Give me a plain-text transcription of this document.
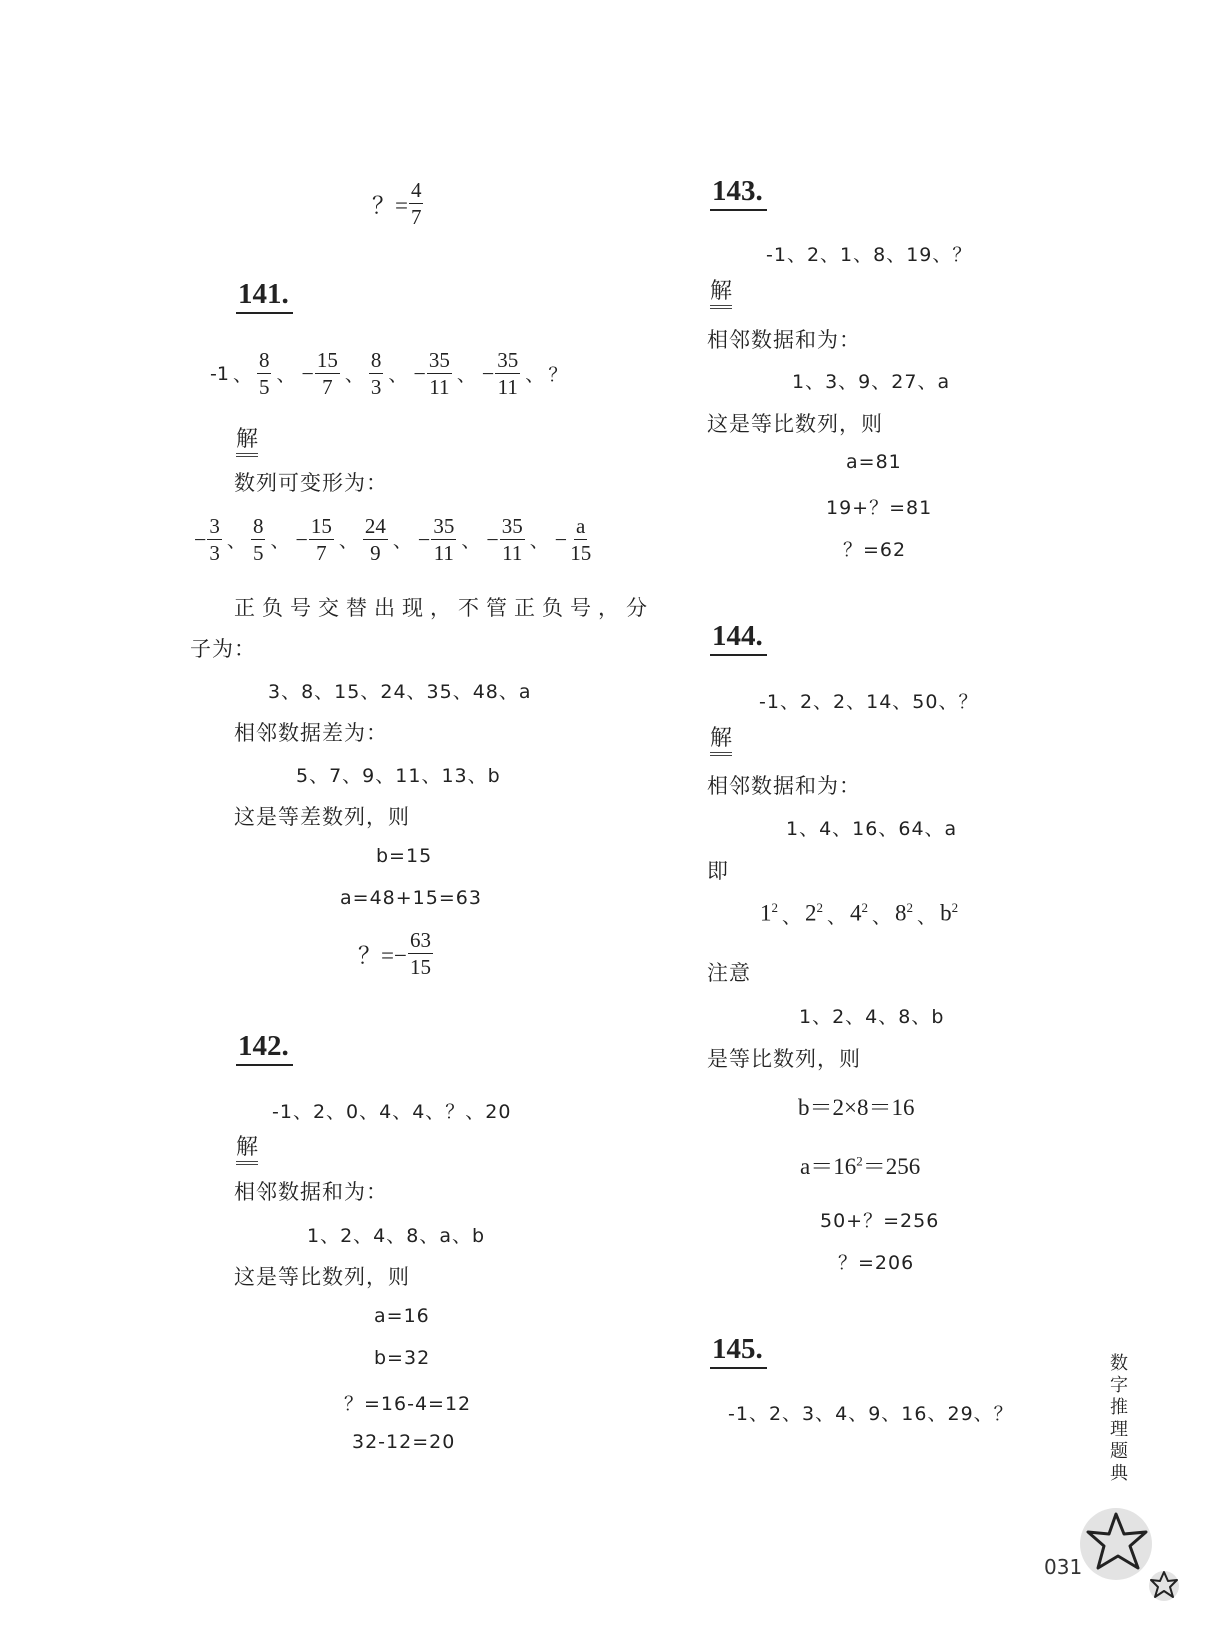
？= $\frac{4}{7}$
141.
-1 、 $\frac{8}{5}$ 、 − $\frac{15}{7}$ 、 $\frac{8}{3}$ 、 − $\frac{35}{11}$ 、 − $\frac{35}{11}$ 、 ？
解
数列可变形为：
− $\frac{3}{3}$ 、 $\frac{8}{5}$ 、 − $\frac{15}{7}$ 、 $\frac{24}{9}$ 、 − $\frac{35}{11}$ 、 − $\frac{35}{11}$ 、 − $\frac{a}{15}$
正负号交替出现，不管正负号，分
子为：
3、8、15、24、35、48、a
相邻数据差为：
5、7、9、11、13、b
这是等差数列，则
b=15
a=48+15=63
？=− $\frac{63}{15}$
142.
-1、2、0、4、4、？、20
解
相邻数据和为：
1、2、4、8、a、b
这是等比数列，则
a=16
b=32
？=16-4=12
32-12=20
143.
-1、2、1、8、19、？
解
相邻数据和为：
1、3、9、27、a
这是等比数列，则
a=81
19+？=81
？=62
144.
-1、2、2、14、50、？
解
相邻数据和为：
1、4、16、64、a
即
$1^2$ 、 $2^2$ 、 $4^2$ 、 $8^2$ 、 $b^2$
注意
1、2、4、8、b
是等比数列，则
b＝2×8＝16
$a=16^2=256$
50+？=256
？=206
145.
-1、2、3、4、9、16、29、？
数字推理题典
031
